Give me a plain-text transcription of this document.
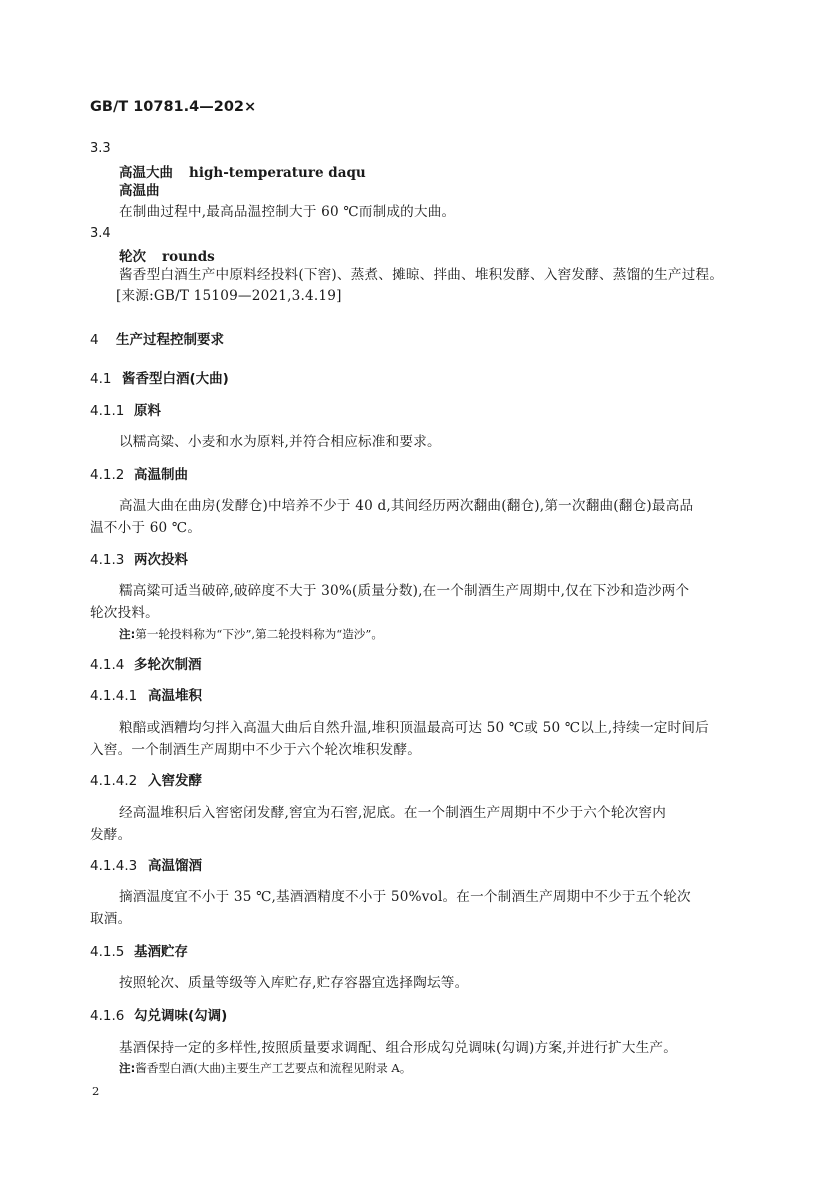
GB/T 10781.4—202×
3.3
高温大曲 high-temperature daqu
高温曲
在制曲过程中,最高品温控制大于 60 ℃而制成的大曲。
3.4
轮次 rounds
酱香型白酒生产中原料经投料(下窖)、蒸煮、摊晾、拌曲、堆积发酵、入窖发酵、蒸馏的生产过程。
[来源:GB/T 15109—2021,3.4.19]
4 生产过程控制要求
4.1 酱香型白酒(大曲)
4.1.1 原料
以糯高粱、小麦和水为原料,并符合相应标准和要求。
4.1.2 高温制曲
高温大曲在曲房(发酵仓)中培养不少于 40 d,其间经历两次翻曲(翻仓),第一次翻曲(翻仓)最高品
温不小于 60 ℃。
4.1.3 两次投料
糯高粱可适当破碎,破碎度不大于 30%(质量分数),在一个制酒生产周期中,仅在下沙和造沙两个
轮次投料。
注:第一轮投料称为“下沙”,第二轮投料称为“造沙”。
4.1.4 多轮次制酒
4.1.4.1 高温堆积
粮醅或酒糟均匀拌入高温大曲后自然升温,堆积顶温最高可达 50 ℃或 50 ℃以上,持续一定时间后
入窖。一个制酒生产周期中不少于六个轮次堆积发酵。
4.1.4.2 入窖发酵
经高温堆积后入窖密闭发酵,窖宜为石窖,泥底。在一个制酒生产周期中不少于六个轮次窖内
发酵。
4.1.4.3 高温馏酒
摘酒温度宜不小于 35 ℃,基酒酒精度不小于 50%vol。在一个制酒生产周期中不少于五个轮次
取酒。
4.1.5 基酒贮存
按照轮次、质量等级等入库贮存,贮存容器宜选择陶坛等。
4.1.6 勾兑调味(勾调)
基酒保持一定的多样性,按照质量要求调配、组合形成勾兑调味(勾调)方案,并进行扩大生产。
注:酱香型白酒(大曲)主要生产工艺要点和流程见附录 A。
2
